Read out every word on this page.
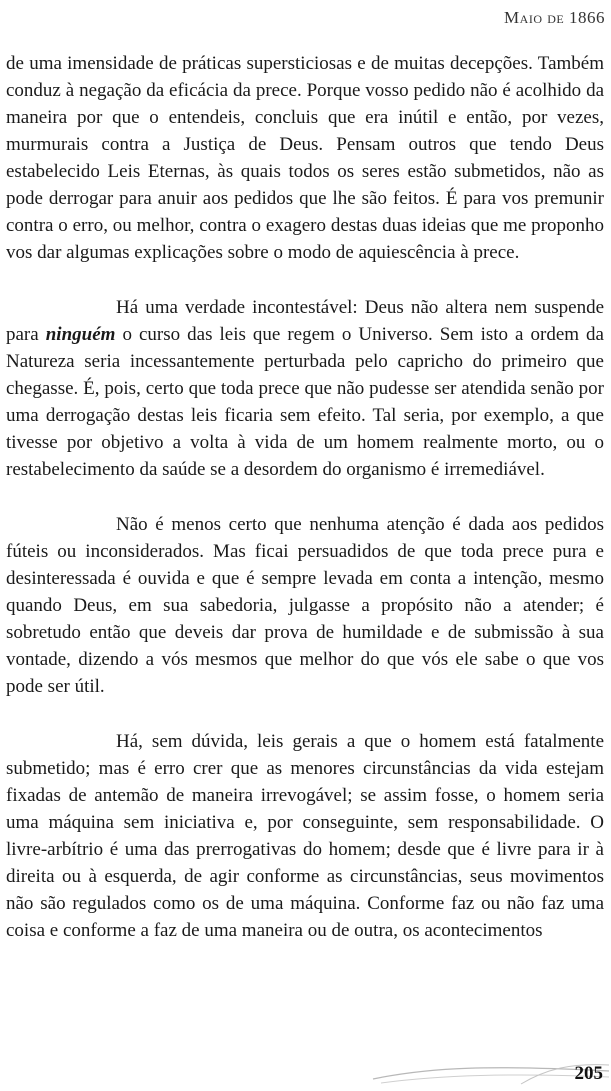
Maio de 1866

de uma imensidade de práticas supersticiosas e de muitas decepções. Também conduz à negação da eficácia da prece. Porque vosso pedido não é acolhido da maneira por que o entendeis, concluis que era inútil e então, por vezes, murmurais contra a Justiça de Deus. Pensam outros que tendo Deus estabelecido Leis Eternas, às quais todos os seres estão submetidos, não as pode derrogar para anuir aos pedidos que lhe são feitos. É para vos premunir contra o erro, ou melhor, contra o exagero destas duas ideias que me proponho vos dar algumas explicações sobre o modo de aquiescência à prece.

Há uma verdade incontestável: Deus não altera nem suspende para ninguém o curso das leis que regem o Universo. Sem isto a ordem da Natureza seria incessantemente perturbada pelo capricho do primeiro que chegasse. É, pois, certo que toda prece que não pudesse ser atendida senão por uma derrogação destas leis ficaria sem efeito. Tal seria, por exemplo, a que tivesse por objetivo a volta à vida de um homem realmente morto, ou o restabelecimento da saúde se a desordem do organismo é irremediável.

Não é menos certo que nenhuma atenção é dada aos pedidos fúteis ou inconsiderados. Mas ficai persuadidos de que toda prece pura e desinteressada é ouvida e que é sempre levada em conta a intenção, mesmo quando Deus, em sua sabedoria, julgasse a propósito não a atender; é sobretudo então que deveis dar prova de humildade e de submissão à sua vontade, dizendo a vós mesmos que melhor do que vós ele sabe o que vos pode ser útil.

Há, sem dúvida, leis gerais a que o homem está fatalmente submetido; mas é erro crer que as menores circunstâncias da vida estejam fixadas de antemão de maneira irrevogável; se assim fosse, o homem seria uma máquina sem iniciativa e, por conseguinte, sem responsabilidade. O livre-arbítrio é uma das prerrogativas do homem; desde que é livre para ir à direita ou à esquerda, de agir conforme as circunstâncias, seus movimentos não são regulados como os de uma máquina. Conforme faz ou não faz uma coisa e conforme a faz de uma maneira ou de outra, os acontecimentos

205
